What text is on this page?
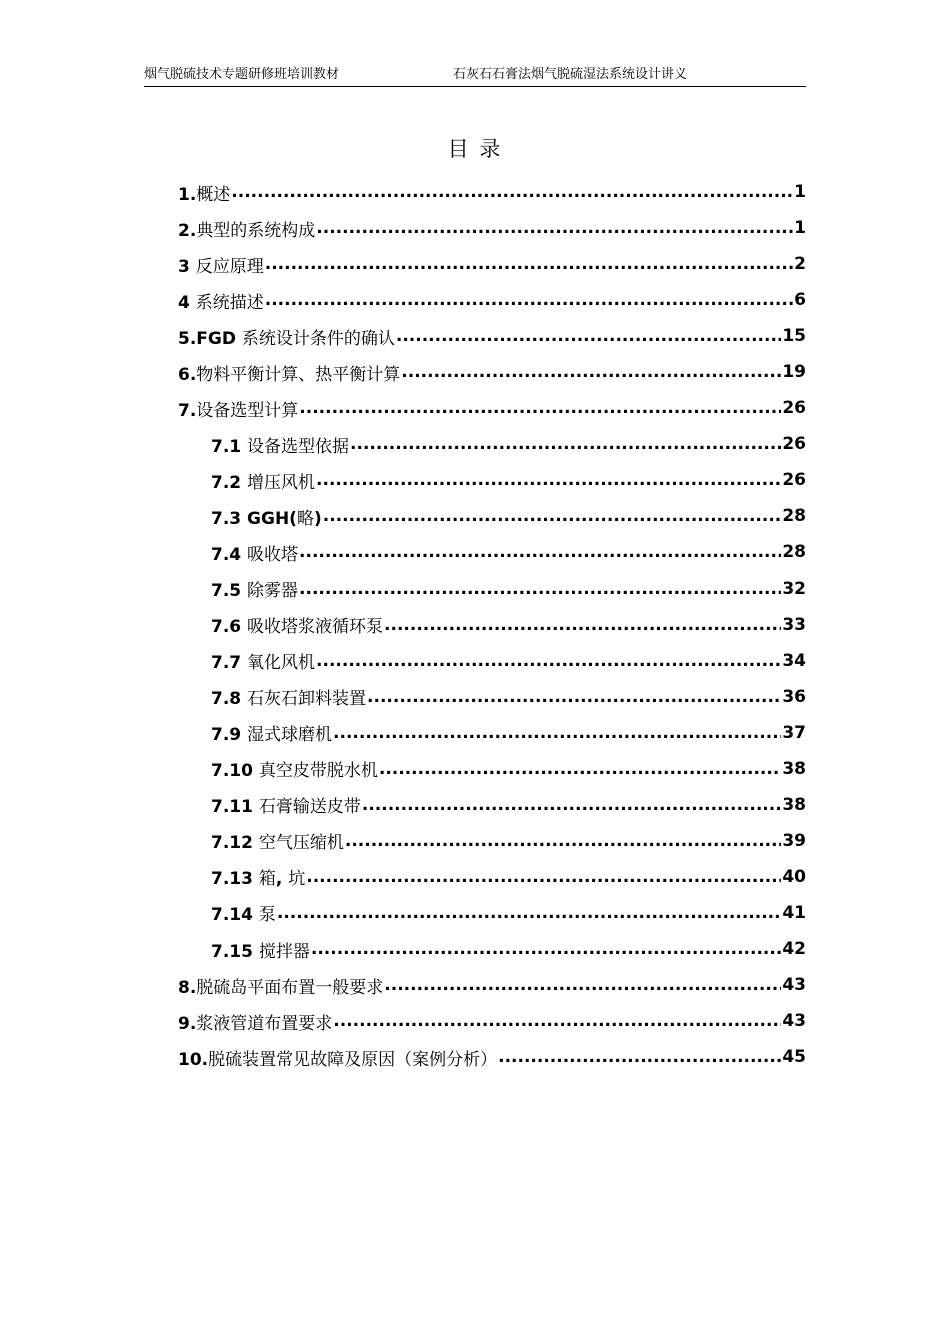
烟气脱硫技术专题研修班培训教材	石灰石石膏法烟气脱硫湿法系统设计讲义
目 录
1.概述 .....	1
2.典型的系统构成 .....	1
3 反应原理 .....	2
4 系统描述 .....	6
5.FGD 系统设计条件的确认 .....	15
6.物料平衡计算、热平衡计算 .....	19
7.设备选型计算 .....	26
7.1 设备选型依据 .....	26
7.2 增压风机 .....	26
7.3 GGH(略) .....	28
7.4 吸收塔 .....	28
7.5 除雾器 .....	32
7.6 吸收塔浆液循环泵 .....	33
7.7 氧化风机 .....	34
7.8 石灰石卸料装置 .....	36
7.9 湿式球磨机 .....	37
7.10 真空皮带脱水机 .....	38
7.11 石膏输送皮带 .....	38
7.12 空气压缩机 .....	39
7.13 箱, 坑 .....	40
7.14 泵 .....	41
7.15 搅拌器 .....	42
8.脱硫岛平面布置一般要求 .....	43
9.浆液管道布置要求 .....	43
10.脱硫装置常见故障及原因（案例分析） .....	45
